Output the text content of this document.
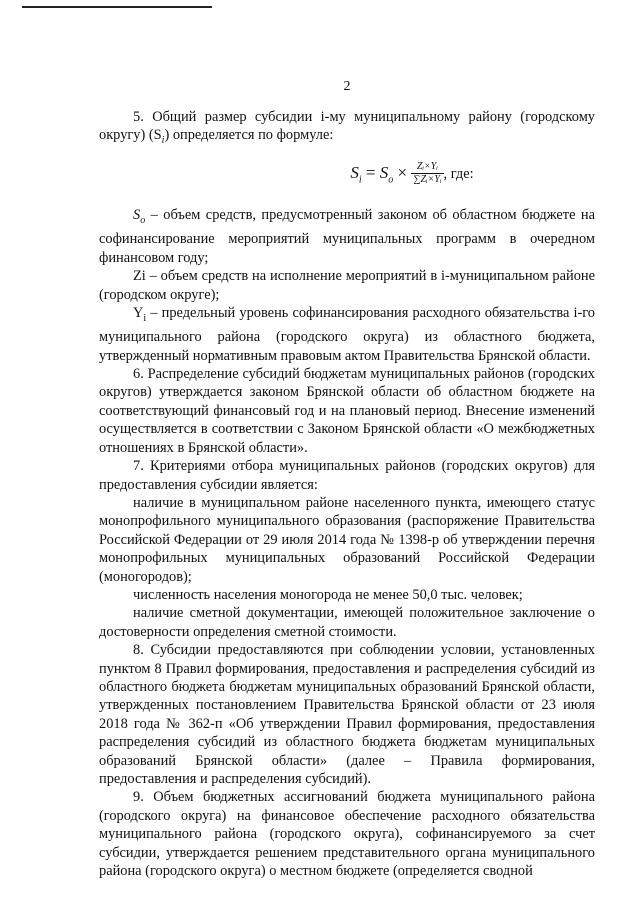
2

5. Общий размер субсидии i-му муниципальному району (городскому округу) $(S_i)$ определяется по формуле:

$S_i = S_o \times \frac{\text{Zᵢ×Yᵢ}}{\text{∑Zᵢ×Yᵢ}}$ , где:

$S_o$ – объем средств, предусмотренный законом об областном бюджете на софинансирование мероприятий муниципальных программ в очередном финансовом году;

Zi – объем средств на исполнение мероприятий в i-муниципальном районе (городском округе);

$Y_i$ – предельный уровень софинансирования расходного обязательства i-го муниципального района (городского округа) из областного бюджета, утвержденный нормативным правовым актом Правительства Брянской области.

6. Распределение субсидий бюджетам муниципальных районов (городских округов) утверждается законом Брянской области об областном бюджете на соответствующий финансовый год и на плановый период. Внесение изменений осуществляется в соответствии с Законом Брянской области «О межбюджетных отношениях в Брянской области».

7. Критериями отбора муниципальных районов (городских округов) для предоставления субсидии является:

наличие в муниципальном районе населенного пункта, имеющего статус монопрофильного муниципального образования (распоряжение Правительства Российской Федерации от 29 июля 2014 года № 1398-р об утверждении перечня монопрофильных муниципальных образований Российской Федерации (моногородов);

численность населения моногорода не менее 50,0 тыс. человек;

наличие сметной документации, имеющей положительное заключение о достоверности определения сметной стоимости.

8. Субсидии предоставляются при соблюдении условии, установленных пунктом 8 Правил формирования, предоставления и распределения субсидий из областного бюджета бюджетам муниципальных образований Брянской области, утвержденных постановлением Правительства Брянской области от 23 июля 2018 года № 362-п «Об утверждении Правил формирования, предоставления распределения субсидий из областного бюджета бюджетам муниципальных образований Брянской области» (далее – Правила формирования, предоставления и распределения субсидий).

9. Объем бюджетных ассигнований бюджета муниципального района (городского округа) на финансовое обеспечение расходного обязательства муниципального района (городского округа), софинансируемого за счет субсидии, утверждается решением представительного органа муниципального района (городского округа) о местном бюджете (определяется сводной
